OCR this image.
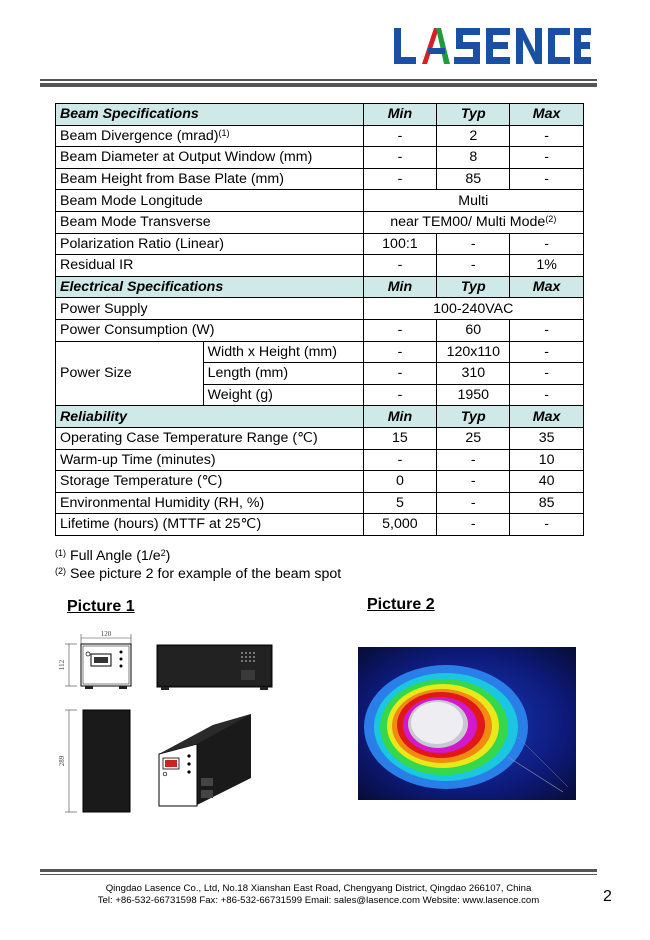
Beam Specifications		Min	Typ	Max
Beam Divergence (mrad)$^{(1)}$		-	2	-
Beam Diameter at Output Window (mm)		-	8	-
Beam Height from Base Plate (mm)		-	85	-
Beam Mode Longitude		Multi		
Beam Mode Transverse		near TEM00/ Multi Mode$^{(2)}$
Polarization Ratio (Linear)		100:1	-	-
Residual IR		-	-	1%
Electrical Specifications		Min	Typ	Max
Power Supply		100-240VAC		
Power Consumption (W)		-	60	-
Power Size	Width x Height (mm)	-	120x110	-
	Length (mm)	-	310	-
	Weight (g)	-	1950	-
Reliability		Min	Typ	Max
Operating Case Temperature Range (℃)		15	25	35
Warm-up Time (minutes)		-	-	10
Storage Temperature (℃)		0	-	40
Environmental Humidity (RH, %)		5	-	85
Lifetime (hours) (MTTF at 25℃)		5,000	-	-
$^{(1)}$ Full Angle $(1/e^2)$
$^{(2)}$ See picture 2 for example of the beam spot
Picture 1	Picture 2
120
112
289
Qingdao Lasence Co., Ltd, No.18 Xianshan East Road, Chengyang District, Qingdao 266107, China
Tel: +86-532-66731598 Fax: +86-532-66731599 Email: sales@lasence.com Website: www.lasence.com	2
